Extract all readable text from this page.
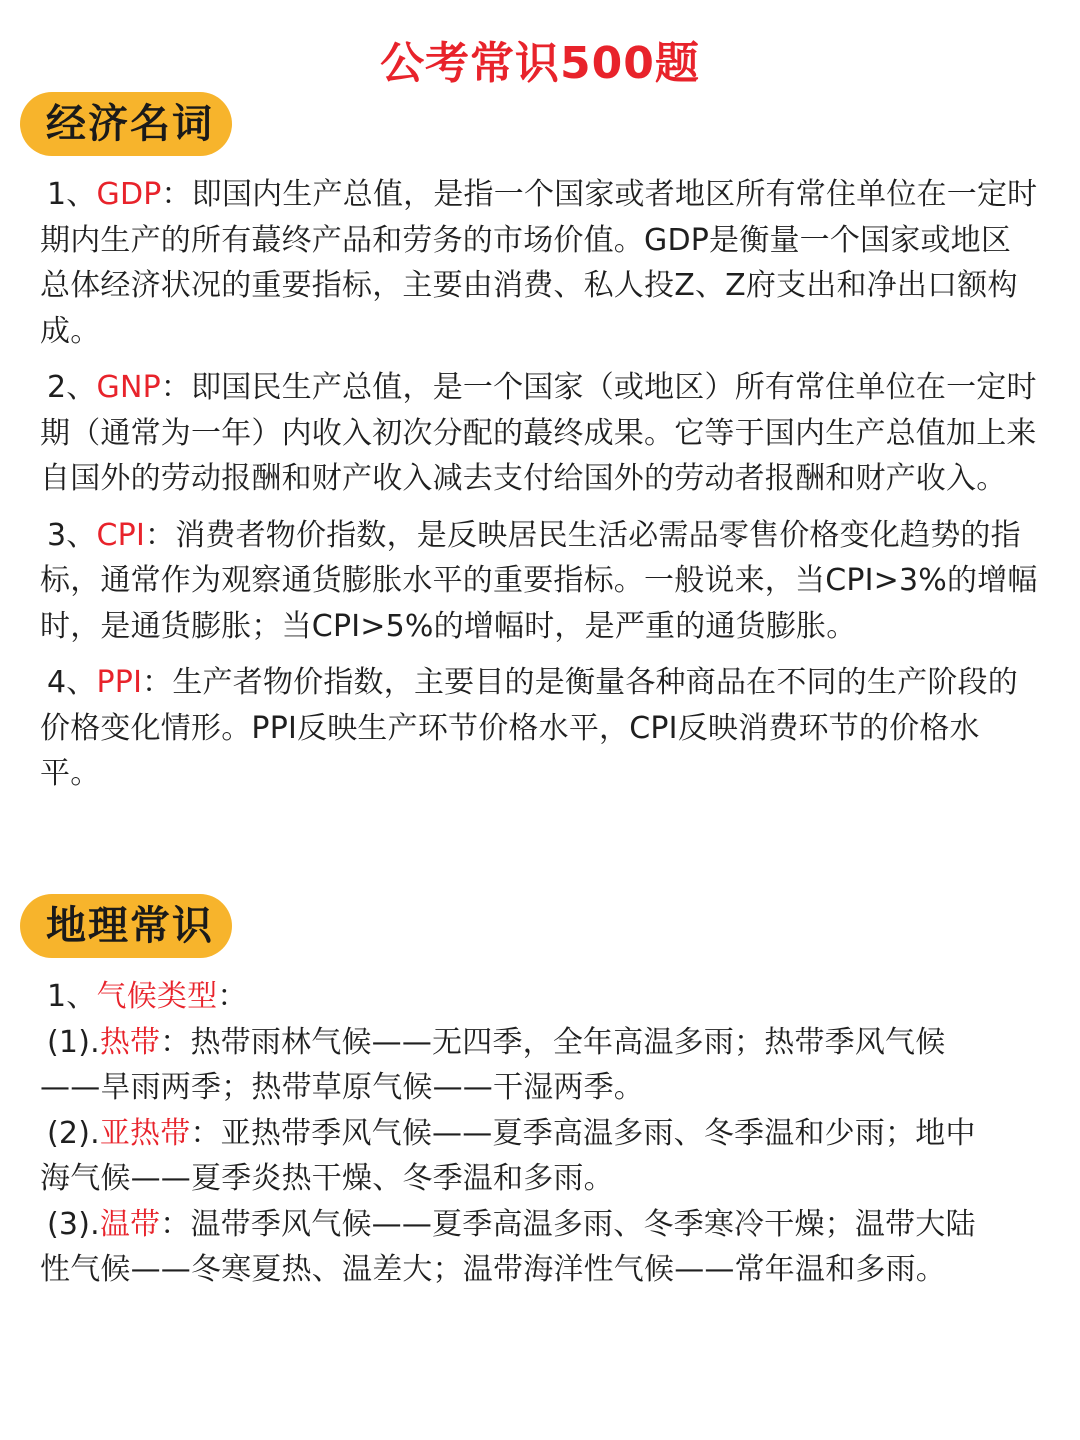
公考常识500题
经济名词

1、GDP：即国内生产总值，是指一个国家或者地区所有常住单位在一定时期内生产的所有蕞终产品和劳务的市场价值。GDP是衡量一个国家或地区总体经济状况的重要指标，主要由消费、私人投Z、Z府支出和净出口额构成。

2、GNP：即国民生产总值，是一个国家（或地区）所有常住单位在一定时期（通常为一年）内收入初次分配的蕞终成果。它等于国内生产总值加上来自国外的劳动报酬和财产收入减去支付给国外的劳动者报酬和财产收入。

3、CPI：消费者物价指数，是反映居民生活必需品零售价格变化趋势的指标，通常作为观察通货膨胀水平的重要指标。一般说来，当CPI>3%的增幅时，是通货膨胀；当CPI>5%的增幅时，是严重的通货膨胀。

4、PPI：生产者物价指数，主要目的是衡量各种商品在不同的生产阶段的价格变化情形。PPI反映生产环节价格水平，CPI反映消费环节的价格水平。

地理常识
1、气候类型：
(1).热带：热带雨林气候——无四季，全年高温多雨；热带季风气候
——旱雨两季；热带草原气候——干湿两季。
(2).亚热带：亚热带季风气候——夏季高温多雨、冬季温和少雨；地中
海气候——夏季炎热干燥、冬季温和多雨。
(3).温带：温带季风气候——夏季高温多雨、冬季寒冷干燥；温带大陆
性气候——冬寒夏热、温差大；温带海洋性气候——常年温和多雨。
